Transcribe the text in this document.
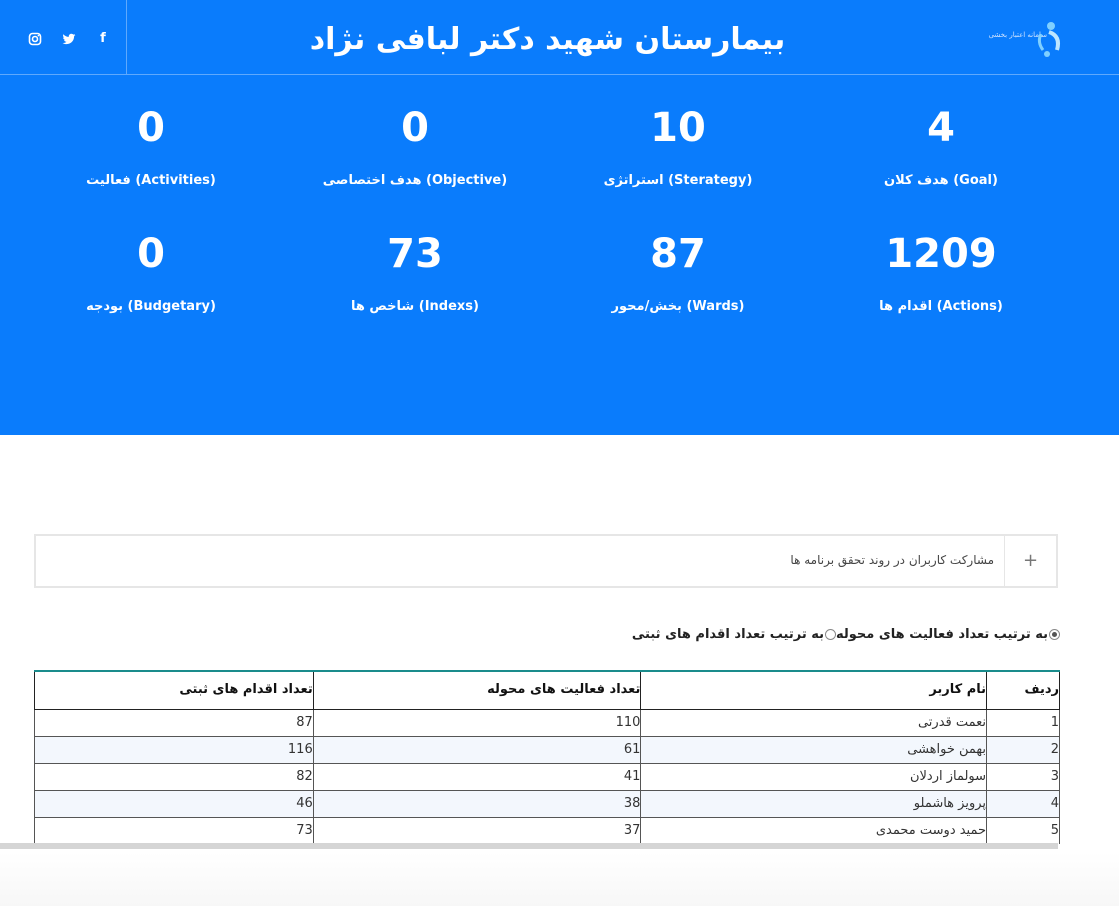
f	بیمارستان شهید دکتر لبافی نژاد	سامانه اعتبار بخشی
0
(Activities) فعالیت
0
(Objective) هدف اختصاصی
10
(Sterategy) استراتژی
4
(Goal) هدف کلان
0
(Budgetary) بودجه
73
(Indexs) شاخص ها
87
(Wards) بخش/محور
1209
(Actions) اقدام ها
+
مشارکت کاربران در روند تحقق برنامه ها
به ترتیب تعداد فعالیت های محولهبه ترتیب تعداد اقدام های ثبتی
ردیف	نام کاربر	تعداد فعالیت های محوله	تعداد اقدام های ثبتی
1	نعمت قدرتی	110	87
2	بهمن خواهشی	61	116
3	سولماز اردلان	41	82
4	پرویز هاشملو	38	46
5	حمید دوست محمدی	37	73
